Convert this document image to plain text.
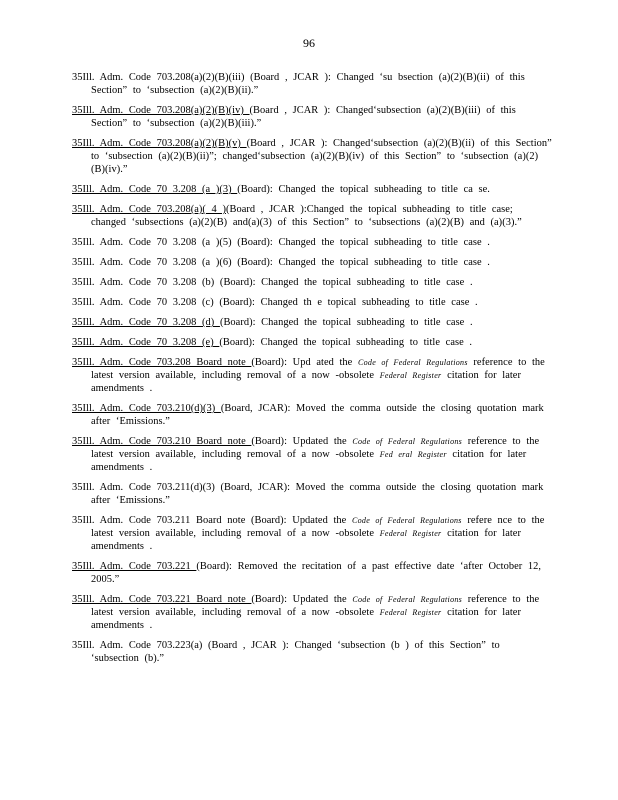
96

35Ill. Adm. Code 703.208(a)(2)(B)(iii) (Board , JCAR ): Changed ‘su bsection (a)(2)(B)(ii) of this Section” to ‘subsection (a)(2)(B)(ii).”

35Ill. Adm. Code 703.208(a)(2)(B)(iv) (Board , JCAR ): Changed‘subsection (a)(2)(B)(iii) of this Section” to ‘subsection (a)(2)(B)(iii).”

35Ill. Adm. Code 703.208(a)(2)(B)(v) (Board , JCAR ): Changed‘subsection (a)(2)(B)(ii) of this Section” to ‘subsection (a)(2)(B)(ii)”; changed‘subsection (a)(2)(B)(iv) of this Section” to ‘subsection (a)(2)(B)(iv).”

35Ill. Adm. Code 70 3.208 (a )(3) (Board): Changed the topical subheading to title ca se.

35Ill. Adm. Code 703.208(a)( 4 )(Board , JCAR ):Changed the topical subheading to title case; changed ‘subsections (a)(2)(B) and(a)(3) of this Section” to ‘subsections (a)(2)(B) and (a)(3).”

35Ill. Adm. Code 70 3.208 (a )(5) (Board): Changed the topical subheading to title case .

35Ill. Adm. Code 70 3.208 (a )(6) (Board): Changed the topical subheading to title case .

35Ill. Adm. Code 70 3.208 (b) (Board): Changed the topical subheading to title case .

35Ill. Adm. Code 70 3.208 (c) (Board): Changed th e topical subheading to title case .

35Ill. Adm. Code 70 3.208 (d) (Board): Changed the topical subheading to title case .

35Ill. Adm. Code 70 3.208 (e) (Board): Changed the topical subheading to title case .

35Ill. Adm. Code 703.208 Board note (Board): Upd ated the Code of Federal Regulations reference to the latest version available, including removal of a now -obsolete Federal Register citation for later amendments .

35Ill. Adm. Code 703.210(d)(3) (Board, JCAR): Moved the comma outside the closing quotation mark after ‘Emissions.”

35Ill. Adm. Code 703.210 Board note (Board): Updated the Code of Federal Regulations reference to the latest version available, including removal of a now -obsolete Fed eral Register citation for later amendments .

35Ill. Adm. Code 703.211(d)(3) (Board, JCAR): Moved the comma outside the closing quotation mark after ‘Emissions.”

35Ill. Adm. Code 703.211 Board note (Board): Updated the Code of Federal Regulations refere nce to the latest version available, including removal of a now -obsolete Federal Register citation for later amendments .

35Ill. Adm. Code 703.221 (Board): Removed the recitation of a past effective date ‘after October 12, 2005.”

35Ill. Adm. Code 703.221 Board note (Board): Updated the Code of Federal Regulations reference to the latest version available, including removal of a now -obsolete Federal Register citation for later amendments .

35Ill. Adm. Code 703.223(a) (Board , JCAR ): Changed ‘subsection (b ) of this Section” to ‘subsection (b).”
